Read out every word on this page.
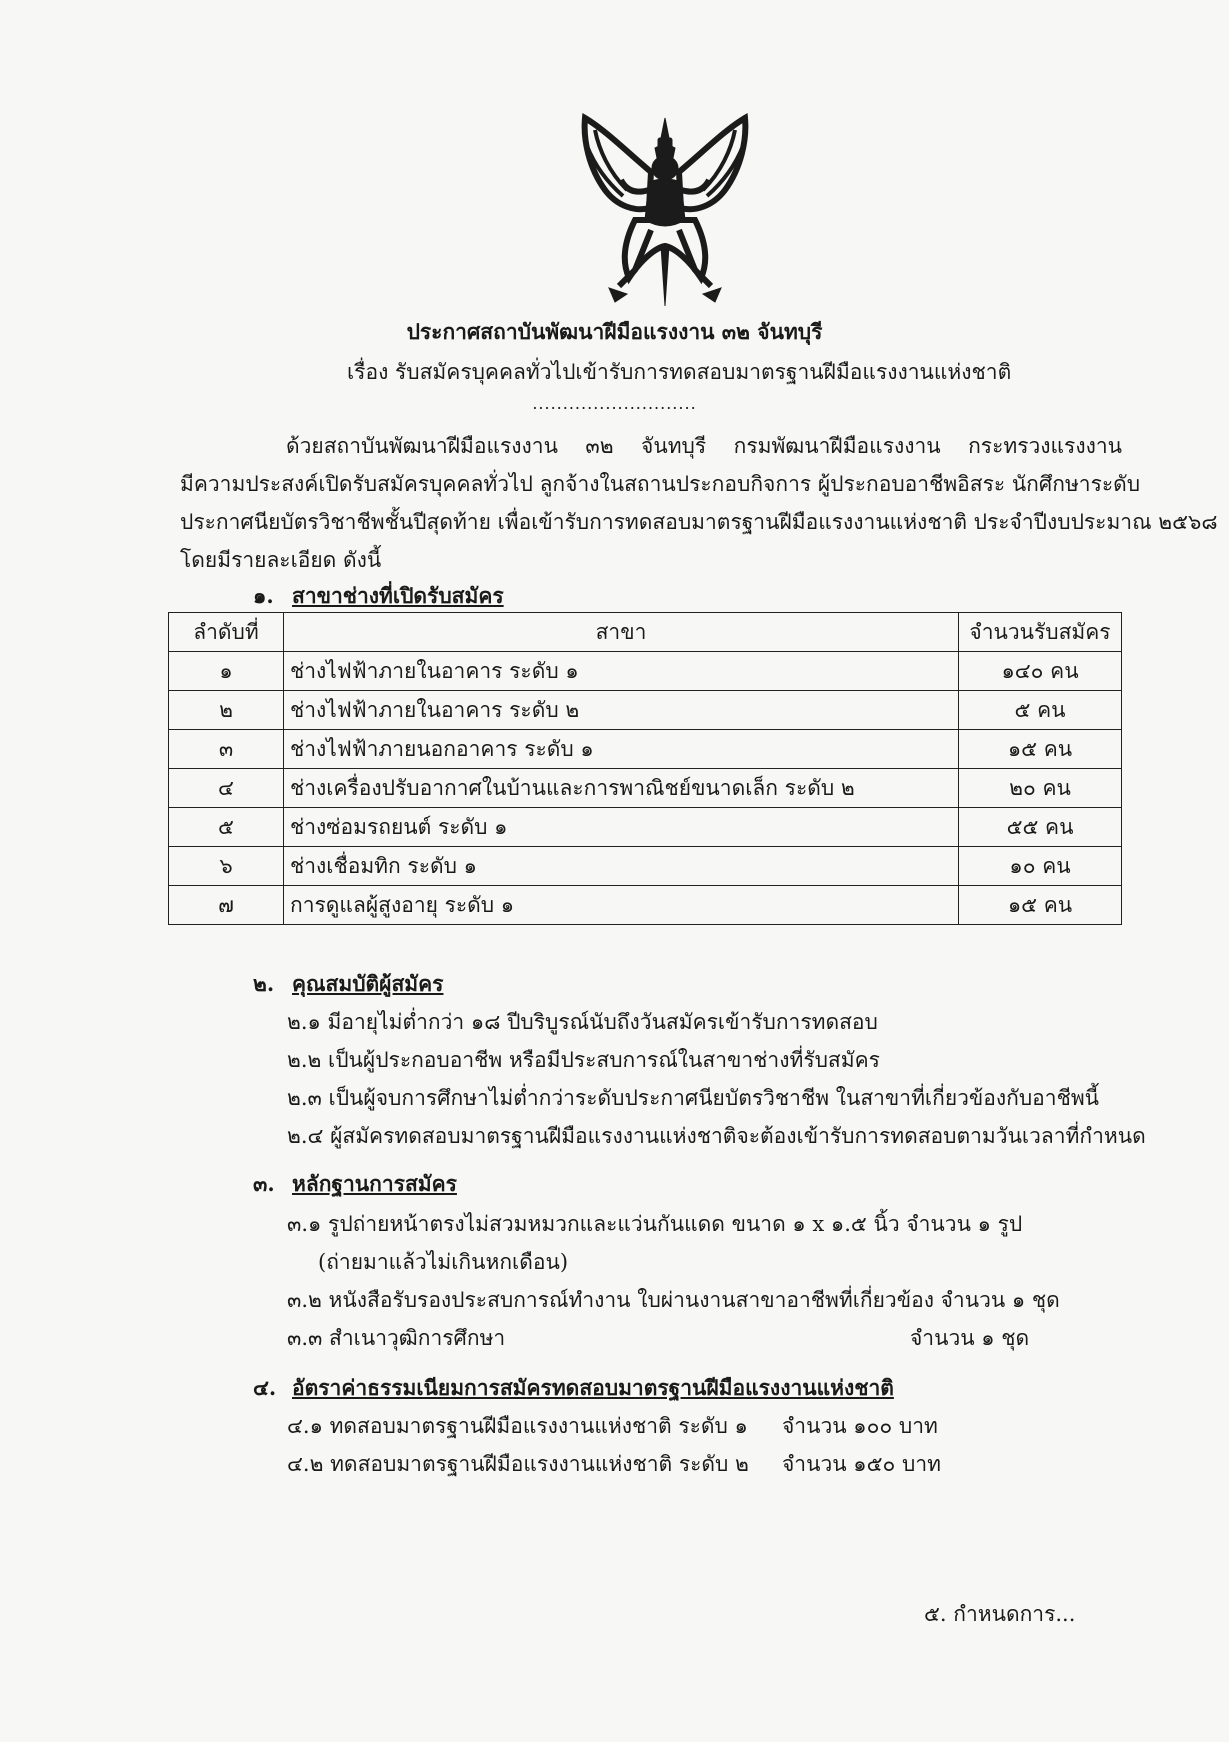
ประกาศสถาบันพัฒนาฝีมือแรงงาน ๓๒ จันทบุรี
เรื่อง รับสมัครบุคคลทั่วไปเข้ารับการทดสอบมาตรฐานฝีมือแรงงานแห่งชาติ
...........................
ด้วยสถาบันพัฒนาฝีมือแรงงาน ๓๒ จันทบุรี กรมพัฒนาฝีมือแรงงาน กระทรวงแรงงาน
มีความประสงค์เปิดรับสมัครบุคคลทั่วไป ลูกจ้างในสถานประกอบกิจการ ผู้ประกอบอาชีพอิสระ นักศึกษาระดับ
ประกาศนียบัตรวิชาชีพชั้นปีสุดท้าย เพื่อเข้ารับการทดสอบมาตรฐานฝีมือแรงงานแห่งชาติ ประจำปีงบประมาณ ๒๕๖๘
โดยมีรายละเอียด ดังนี้
๑. สาขาช่างที่เปิดรับสมัคร
ลำดับที่	สาขา	จำนวนรับสมัคร
๑	ช่างไฟฟ้าภายในอาคาร ระดับ ๑	๑๔๐ คน
๒	ช่างไฟฟ้าภายในอาคาร ระดับ ๒	๕ คน
๓	ช่างไฟฟ้าภายนอกอาคาร ระดับ ๑	๑๕ คน
๔	ช่างเครื่องปรับอากาศในบ้านและการพาณิชย์ขนาดเล็ก ระดับ ๒	๒๐ คน
๕	ช่างซ่อมรถยนต์ ระดับ ๑	๕๕ คน
๖	ช่างเชื่อมทิก ระดับ ๑	๑๐ คน
๗	การดูแลผู้สูงอายุ ระดับ ๑	๑๕ คน
๒. คุณสมบัติผู้สมัคร
๒.๑ มีอายุไม่ต่ำกว่า ๑๘ ปีบริบูรณ์นับถึงวันสมัครเข้ารับการทดสอบ
๒.๒ เป็นผู้ประกอบอาชีพ หรือมีประสบการณ์ในสาขาช่างที่รับสมัคร
๒.๓ เป็นผู้จบการศึกษาไม่ต่ำกว่าระดับประกาศนียบัตรวิชาชีพ ในสาขาที่เกี่ยวข้องกับอาชีพนี้
๒.๔ ผู้สมัครทดสอบมาตรฐานฝีมือแรงงานแห่งชาติจะต้องเข้ารับการทดสอบตามวันเวลาที่กำหนด
๓. หลักฐานการสมัคร
๓.๑ รูปถ่ายหน้าตรงไม่สวมหมวกและแว่นกันแดด ขนาด ๑ x ๑.๕ นิ้ว จำนวน ๑ รูป
(ถ่ายมาแล้วไม่เกินหกเดือน)
๓.๒ หนังสือรับรองประสบการณ์ทำงาน ใบผ่านงานสาขาอาชีพที่เกี่ยวข้อง จำนวน ๑ ชุด
๓.๓ สำเนาวุฒิการศึกษา	จำนวน ๑ ชุด
๔. อัตราค่าธรรมเนียมการสมัครทดสอบมาตรฐานฝีมือแรงงานแห่งชาติ
๔.๑ ทดสอบมาตรฐานฝีมือแรงงานแห่งชาติ ระดับ ๑ จำนวน ๑๐๐ บาท
๔.๒ ทดสอบมาตรฐานฝีมือแรงงานแห่งชาติ ระดับ ๒ จำนวน ๑๕๐ บาท
๕. กำหนดการ...
